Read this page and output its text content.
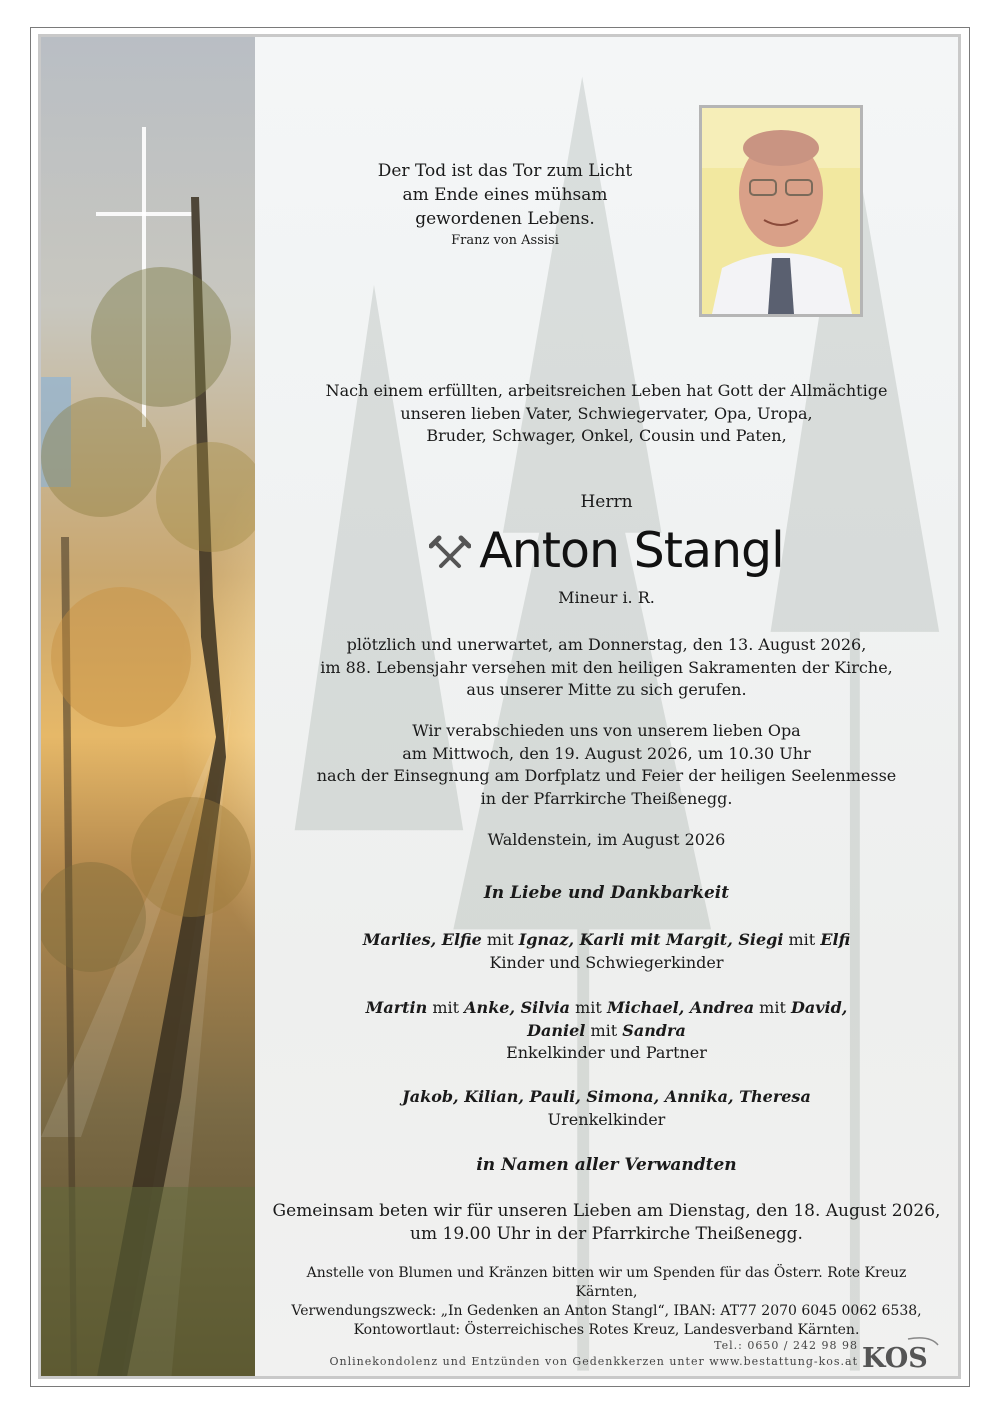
Der Tod ist das Tor zum Licht
am Ende eines mühsam
gewordenen Lebens.
Franz von Assisi
Nach einem erfüllten, arbeitsreichen Leben hat Gott der Allmächtige
unseren lieben Vater, Schwiegervater, Opa, Uropa,
Bruder, Schwager, Onkel, Cousin und Paten,
Herrn
Anton Stangl
Mineur i. R.
plötzlich und unerwartet, am Donnerstag, den 13. August 2026,
im 88. Lebensjahr versehen mit den heiligen Sakramenten der Kirche,
aus unserer Mitte zu sich gerufen.
Wir verabschieden uns von unserem lieben Opa
am Mittwoch, den 19. August 2026, um 10.30 Uhr
nach der Einsegnung am Dorfplatz und Feier der heiligen Seelenmesse
in der Pfarrkirche Theißenegg.
Waldenstein, im August 2026
In Liebe und Dankbarkeit
Marlies, Elfie mit Ignaz, Karli mit Margit, Siegi mit Elfi
Kinder und Schwiegerkinder
Martin mit Anke, Silvia mit Michael, Andrea mit David,
Daniel mit Sandra
Enkelkinder und Partner
Jakob, Kilian, Pauli, Simona, Annika, Theresa
Urenkelkinder
in Namen aller Verwandten
Gemeinsam beten wir für unseren Lieben am Dienstag, den 18. August 2026,
um 19.00 Uhr in der Pfarrkirche Theißenegg.
Anstelle von Blumen und Kränzen bitten wir um Spenden für das Österr. Rote Kreuz Kärnten,
Verwendungszweck: „In Gedenken an Anton Stangl“, IBAN: AT77 2070 6045 0062 6538,
Kontowortlaut: Österreichisches Rotes Kreuz, Landesverband Kärnten.
Tel.: 0650 / 242 98 98
Onlinekondolenz und Entzünden von Gedenkkerzen unter www.bestattung-kos.at KOS
